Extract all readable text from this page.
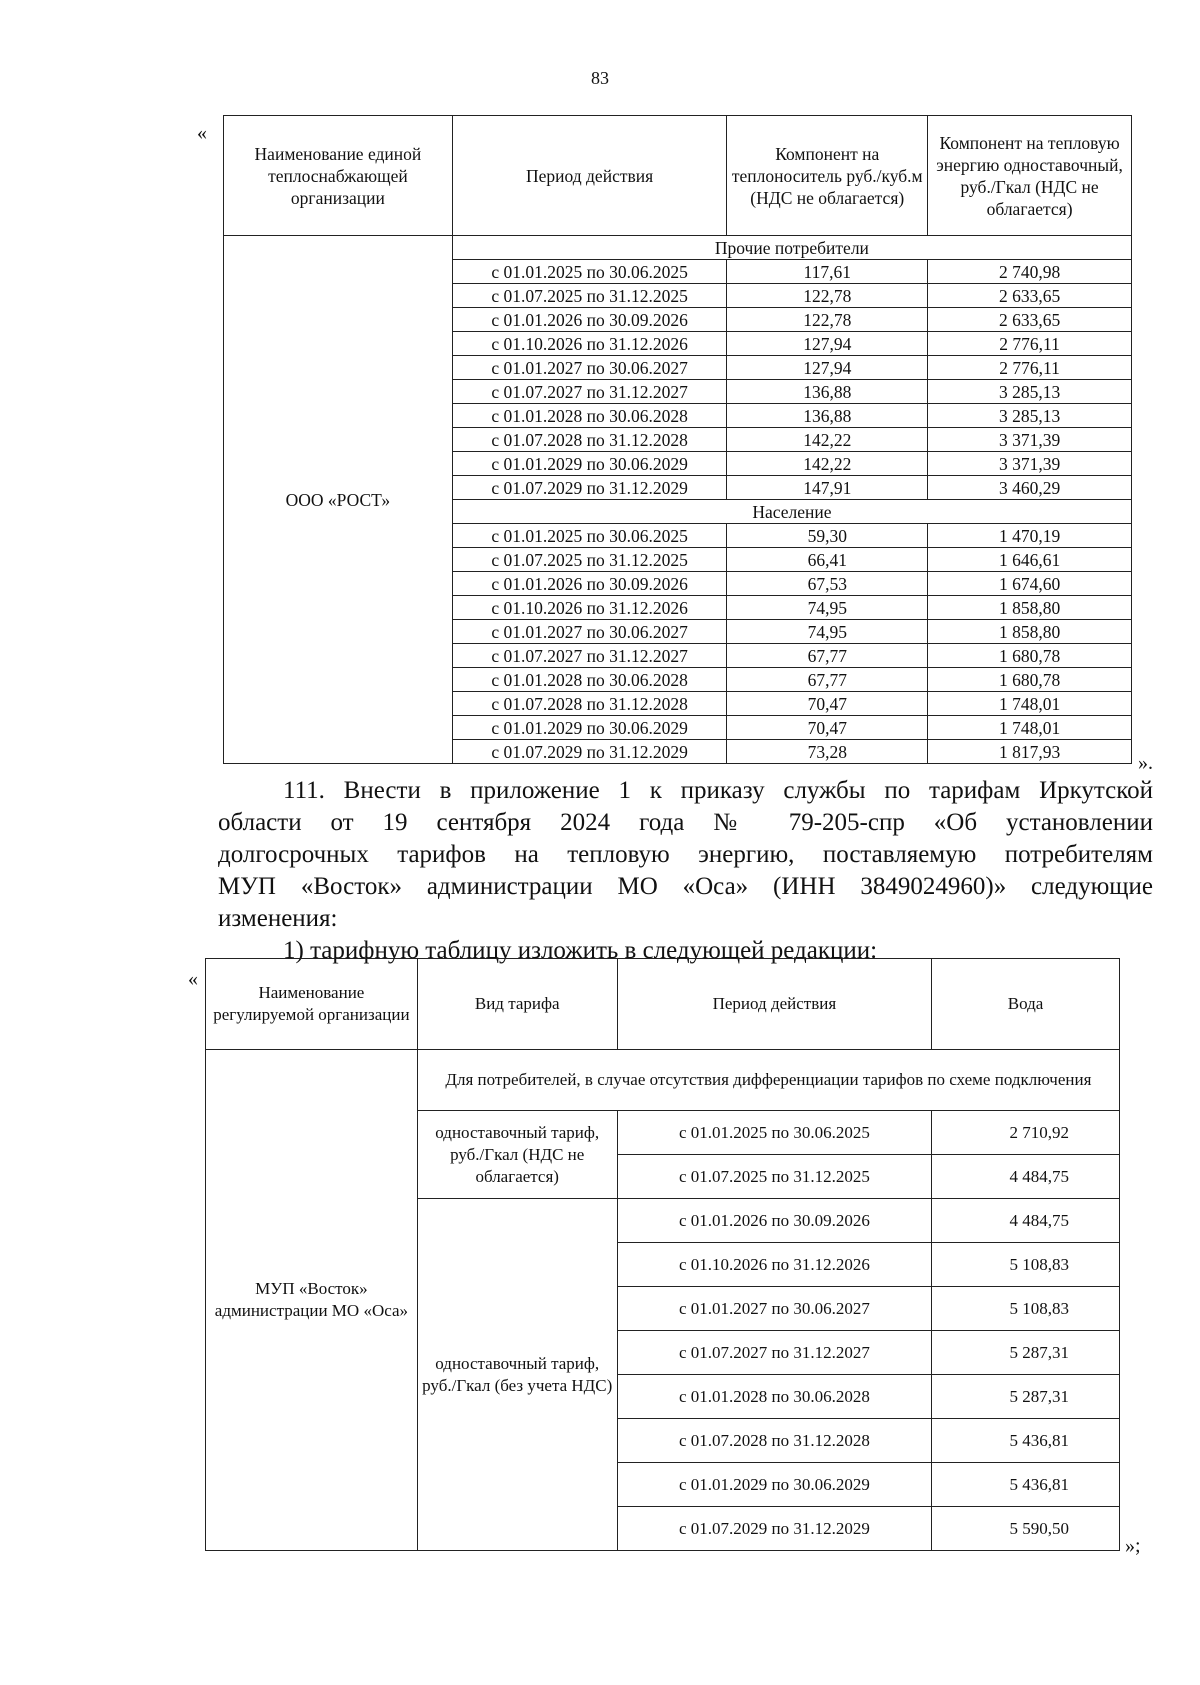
83
«
Наименование единой теплоснабжающей организации	Период действия	Компонент на теплоноситель руб./куб.м (НДС не облагается)	Компонент на тепловую энергию одноставочный, руб./Гкал (НДС не облагается)
ООО «РОСТ»	Прочие потребители		
	с 01.01.2025 по 30.06.2025	117,61	2 740,98
	с 01.07.2025 по 31.12.2025	122,78	2 633,65
	с 01.01.2026 по 30.09.2026	122,78	2 633,65
	с 01.10.2026 по 31.12.2026	127,94	2 776,11
	с 01.01.2027 по 30.06.2027	127,94	2 776,11
	с 01.07.2027 по 31.12.2027	136,88	3 285,13
	с 01.01.2028 по 30.06.2028	136,88	3 285,13
	с 01.07.2028 по 31.12.2028	142,22	3 371,39
	с 01.01.2029 по 30.06.2029	142,22	3 371,39
	с 01.07.2029 по 31.12.2029	147,91	3 460,29
	Население		
	с 01.01.2025 по 30.06.2025	59,30	1 470,19
	с 01.07.2025 по 31.12.2025	66,41	1 646,61
	с 01.01.2026 по 30.09.2026	67,53	1 674,60
	с 01.10.2026 по 31.12.2026	74,95	1 858,80
	с 01.01.2027 по 30.06.2027	74,95	1 858,80
	с 01.07.2027 по 31.12.2027	67,77	1 680,78
	с 01.01.2028 по 30.06.2028	67,77	1 680,78
	с 01.07.2028 по 31.12.2028	70,47	1 748,01
	с 01.01.2029 по 30.06.2029	70,47	1 748,01
	с 01.07.2029 по 31.12.2029	73,28	1 817,93
».

111. Внести в приложение 1 к приказу службы по тарифам Иркутской

области от 19 сентября 2024 года № 79-205-спр «Об установлении

долгосрочных тарифов на тепловую энергию, поставляемую потребителям

МУП «Восток» администрации МО «Оса» (ИНН 3849024960)» следующие

изменения:

1) тарифную таблицу изложить в следующей редакции:

«
Наименование регулируемой организации	Вид тарифа	Период действия	Вода
МУП «Восток» администрации МО «Оса»	Для потребителей, в случае отсутствия дифференциации тарифов по схеме подключения		
	одноставочный тариф, руб./Гкал (НДС не облагается)	с 01.01.2025 по 30.06.2025	2 710,92
		с 01.07.2025 по 31.12.2025	4 484,75
	одноставочный тариф, руб./Гкал (без учета НДС)	с 01.01.2026 по 30.09.2026	4 484,75
		с 01.10.2026 по 31.12.2026	5 108,83
		с 01.01.2027 по 30.06.2027	5 108,83
		с 01.07.2027 по 31.12.2027	5 287,31
		с 01.01.2028 по 30.06.2028	5 287,31
		с 01.07.2028 по 31.12.2028	5 436,81
		с 01.01.2029 по 30.06.2029	5 436,81
		с 01.07.2029 по 31.12.2029	5 590,50
»;
